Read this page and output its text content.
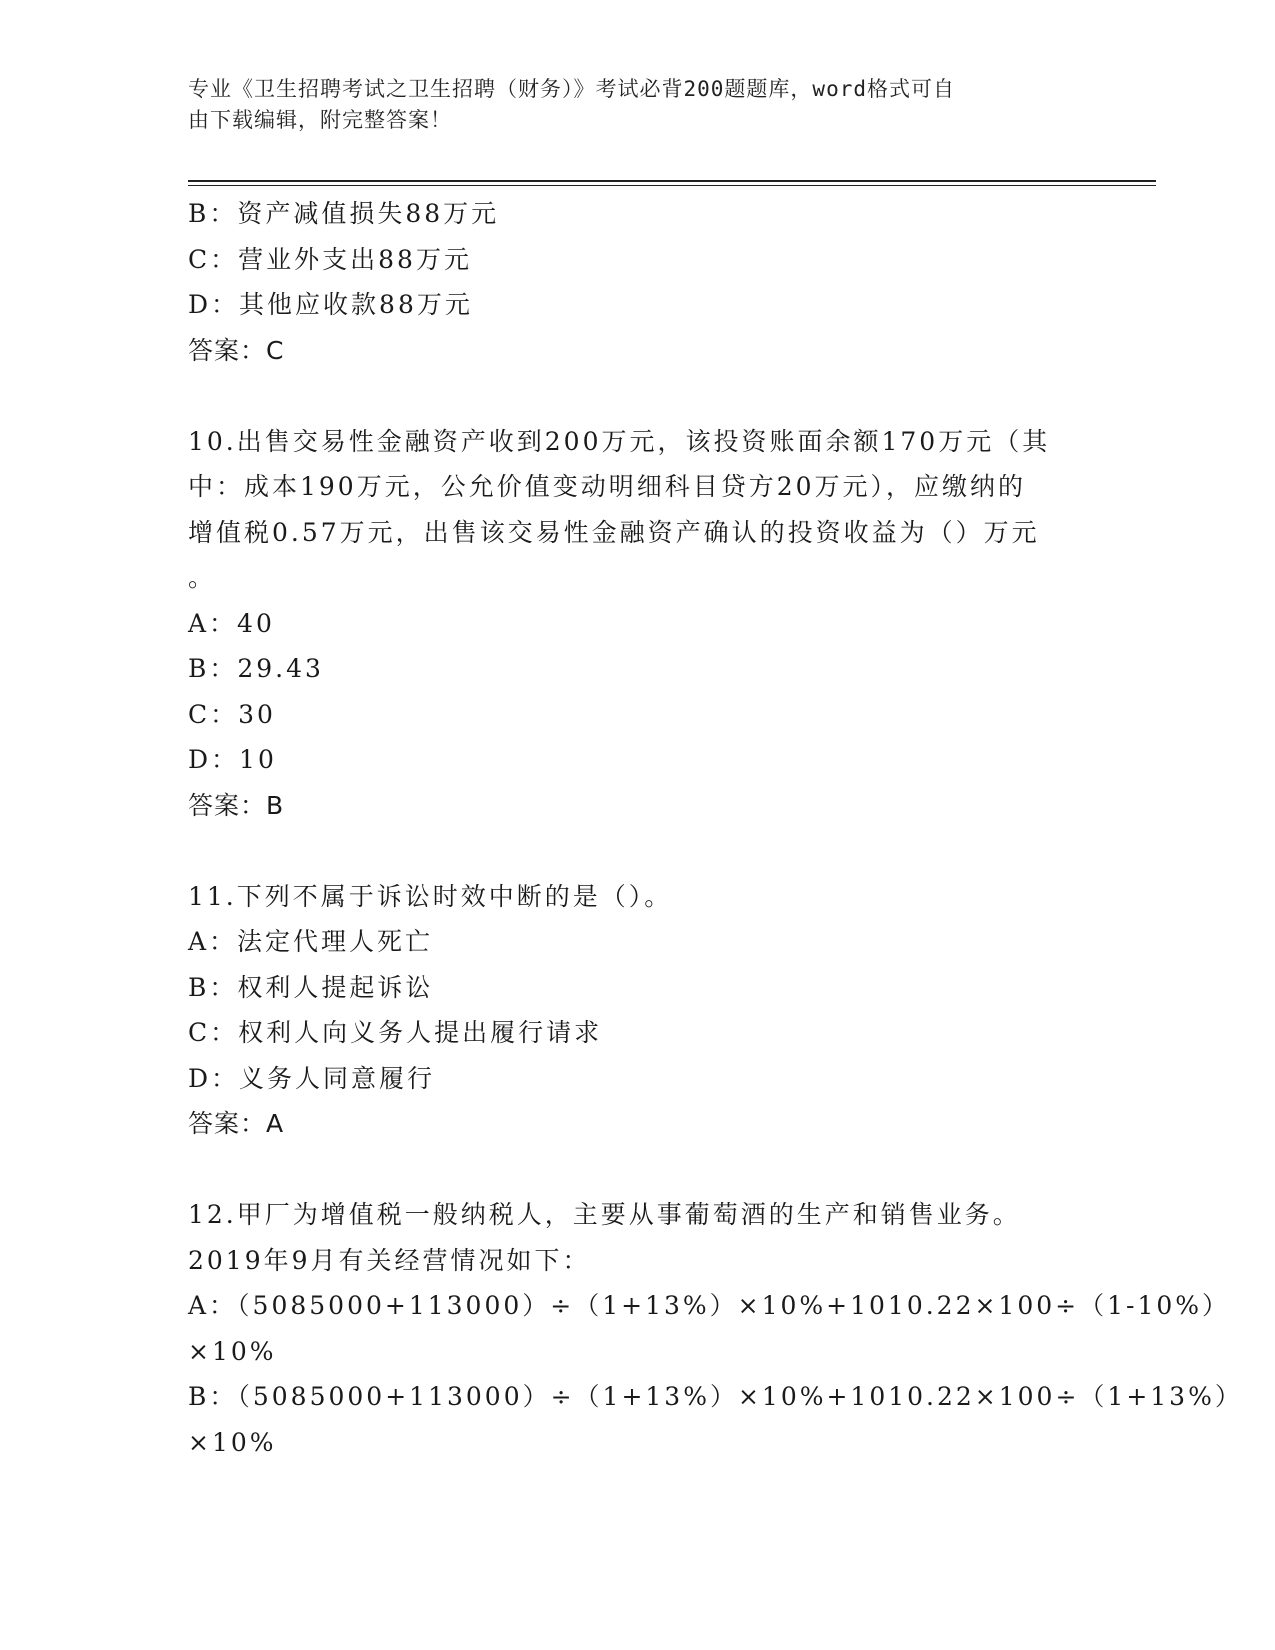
专业《卫生招聘考试之卫生招聘（财务）》考试必背200题题库，word格式可自
由下载编辑，附完整答案！
B：资产减值损失88万元
C：营业外支出88万元
D：其他应收款88万元
答案：C
10.出售交易性金融资产收到200万元，该投资账面余额170万元（其
中：成本190万元，公允价值变动明细科目贷方20万元），应缴纳的
增值税0.57万元，出售该交易性金融资产确认的投资收益为（）万元
。
A：40
B：29.43
C：30
D：10
答案：B
11.下列不属于诉讼时效中断的是（）。
A：法定代理人死亡
B：权利人提起诉讼
C：权利人向义务人提出履行请求
D：义务人同意履行
答案：A
12.甲厂为增值税一般纳税人，主要从事葡萄酒的生产和销售业务。
2019年9月有关经营情况如下：
A：（5085000+113000）÷（1+13%）×10%+1010.22×100÷（1-10%）
×10%
B：（5085000+113000）÷（1+13%）×10%+1010.22×100÷（1+13%）
×10%
